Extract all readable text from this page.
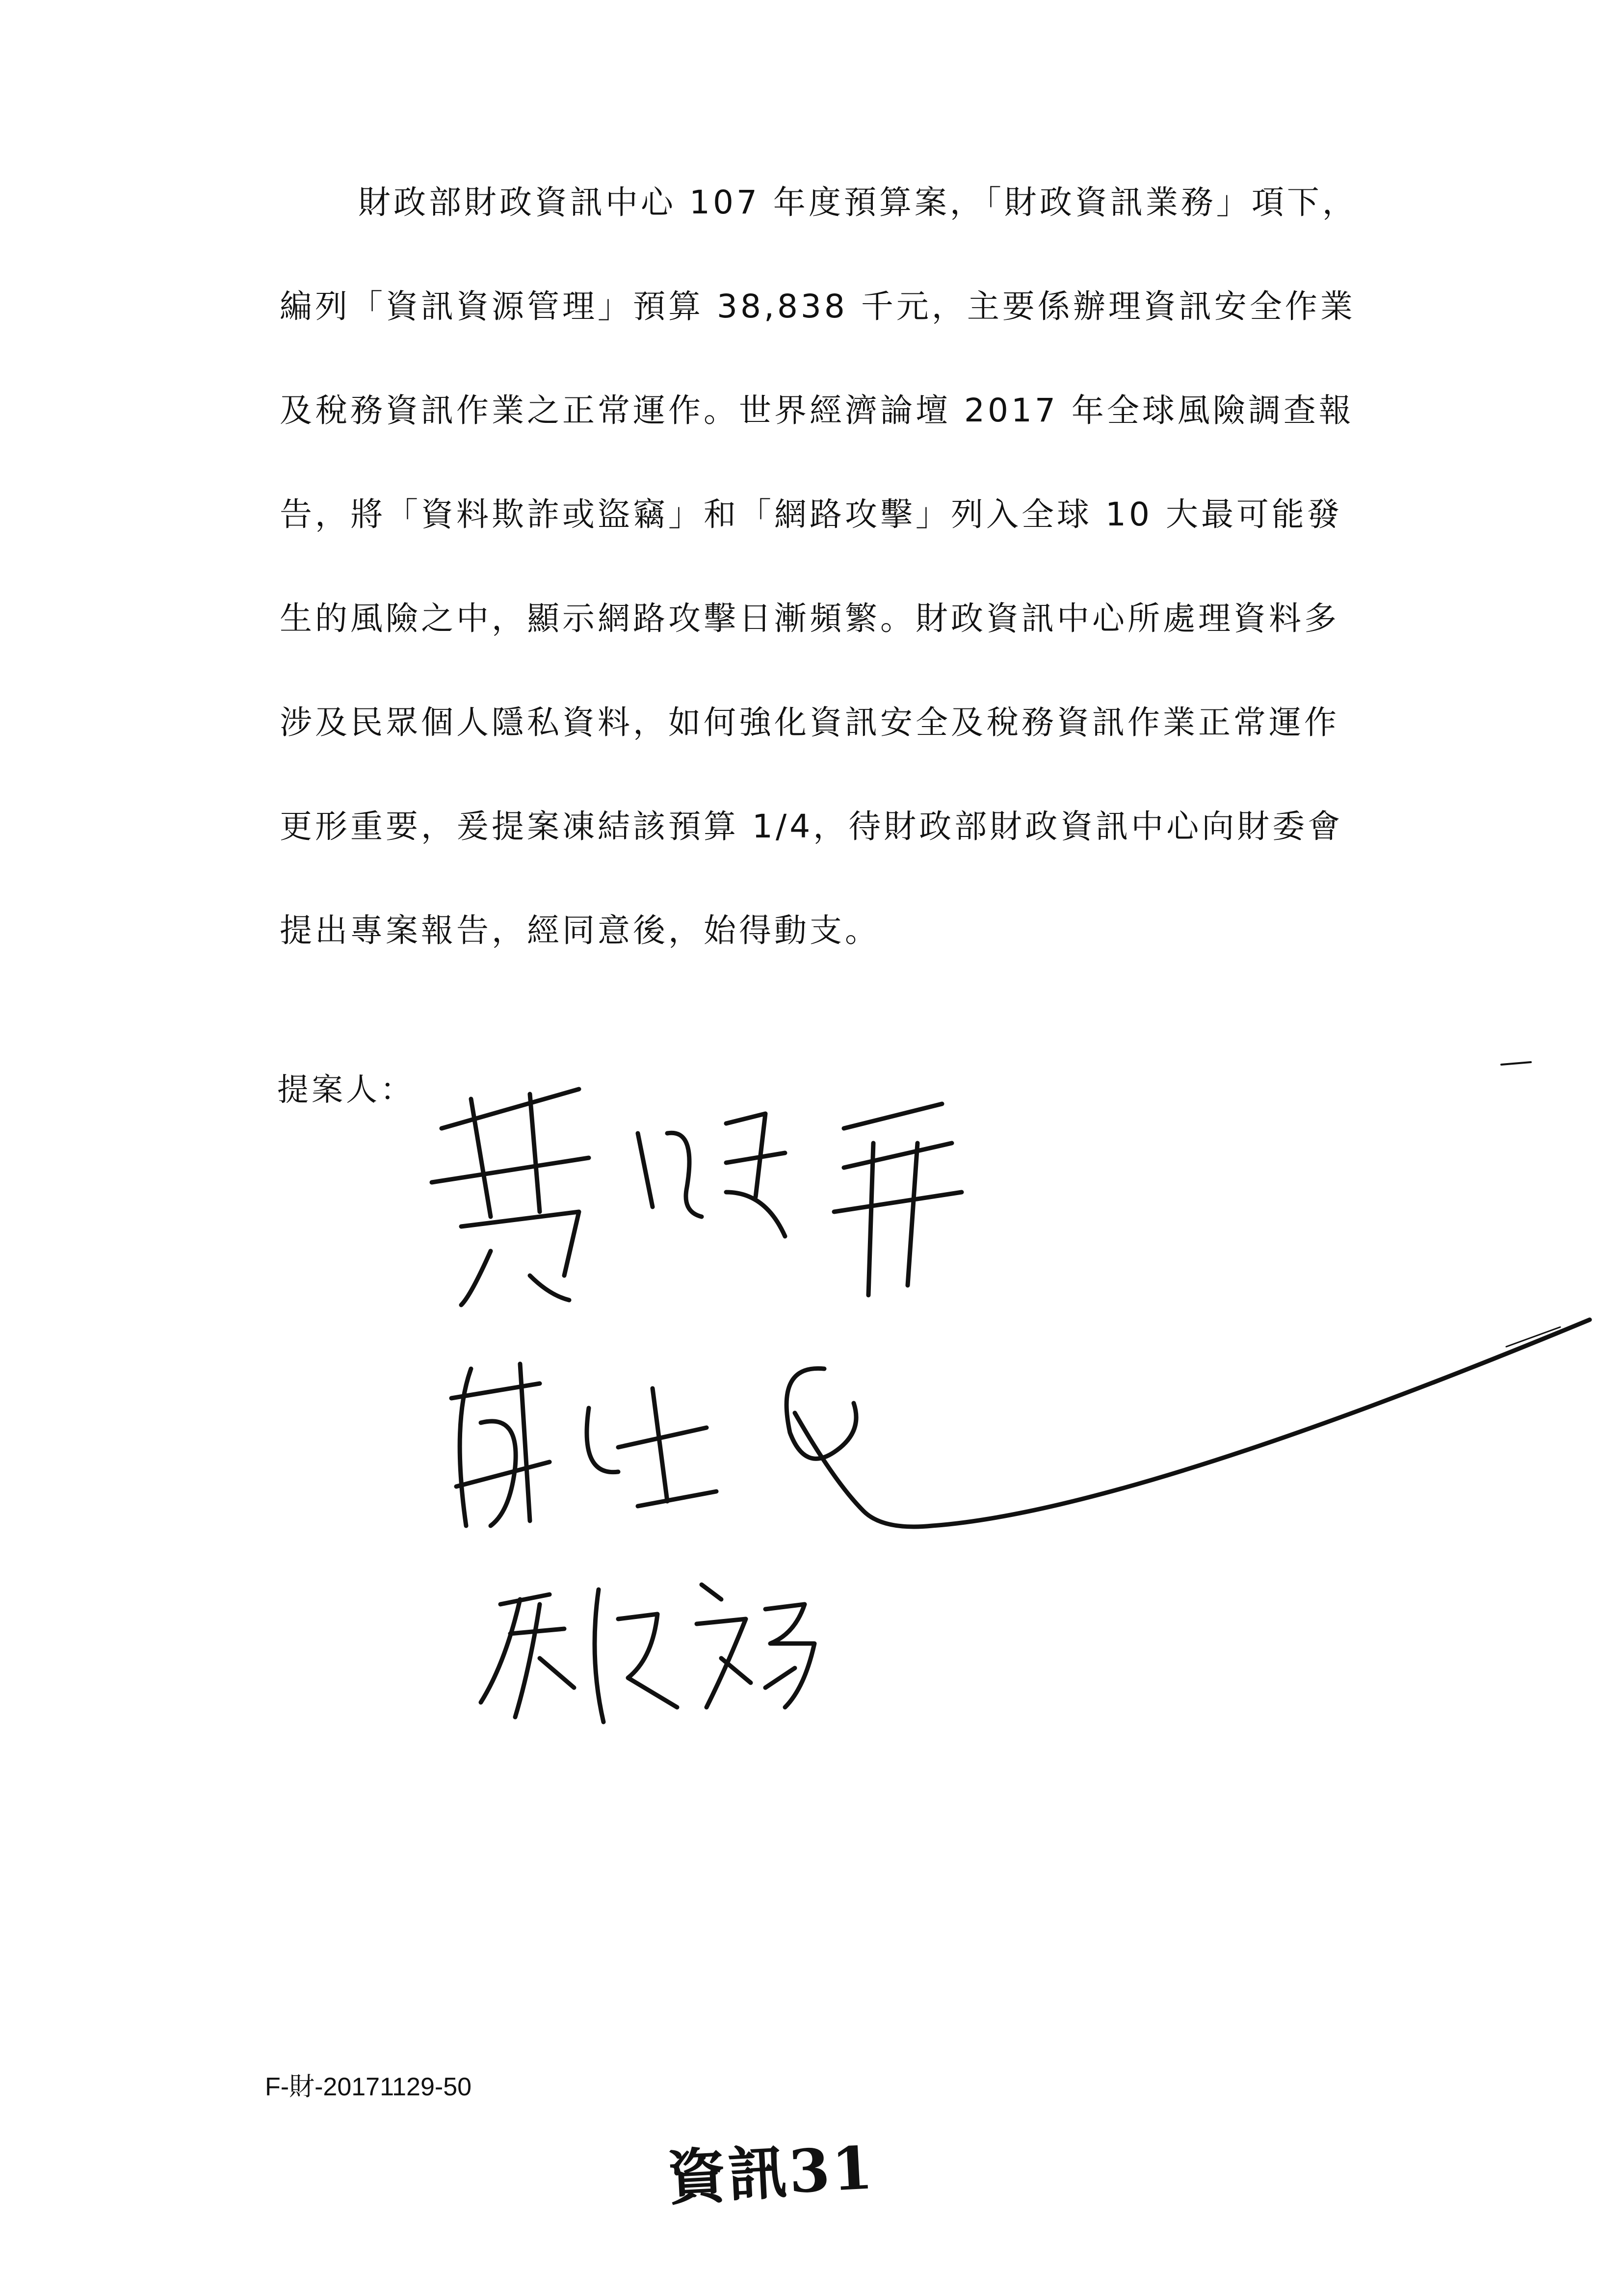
財政部財政資訊中心 107 年度預算案，「財政資訊業務」項下，
編列「資訊資源管理」預算 38,838 千元，主要係辦理資訊安全作業
及稅務資訊作業之正常運作。世界經濟論壇 2017 年全球風險調查報
告，將「資料欺詐或盜竊」和「網路攻擊」列入全球 10 大最可能發
生的風險之中，顯示網路攻擊日漸頻繁。財政資訊中心所處理資料多
涉及民眾個人隱私資料，如何強化資訊安全及稅務資訊作業正常運作
更形重要，爰提案凍結該預算 1/4，待財政部財政資訊中心向財委會
提出專案報告，經同意後，始得動支。
提案人：
F-財-20171129-50
資訊31
